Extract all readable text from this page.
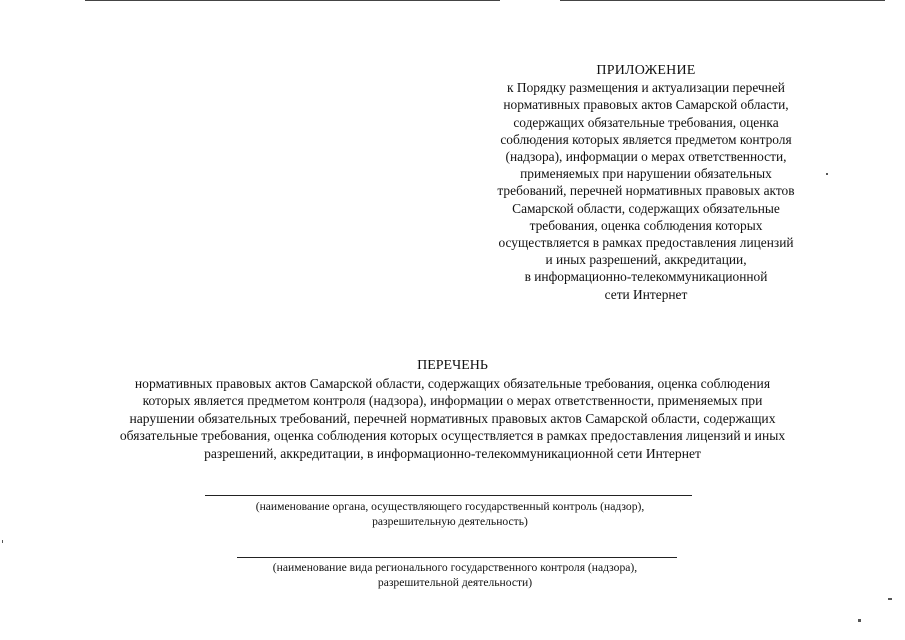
ПРИЛОЖЕНИЕ
к Порядку размещения и актуализации перечней
нормативных правовых актов Самарской области,
содержащих обязательные требования, оценка
соблюдения которых является предметом контроля
(надзора), информации о мерах ответственности,
применяемых при нарушении обязательных
требований, перечней нормативных правовых актов
Самарской области, содержащих обязательные
требования, оценка соблюдения которых
осуществляется в рамках предоставления лицензий
и иных разрешений, аккредитации,
в информационно-телекоммуникационной
сети Интернет
ПЕРЕЧЕНЬ
нормативных правовых актов Самарской области, содержащих обязательные требования, оценка соблюдения
которых является предметом контроля (надзора), информации о мерах ответственности, применяемых при
нарушении обязательных требований, перечней нормативных правовых актов Самарской области, содержащих
обязательные требования, оценка соблюдения которых осуществляется в рамках предоставления лицензий и иных
разрешений, аккредитации, в информационно-телекоммуникационной сети Интернет
(наименование органа, осуществляющего государственный контроль (надзор),
разрешительную деятельность)
(наименование вида регионального государственного контроля (надзора),
разрешительной деятельности)
